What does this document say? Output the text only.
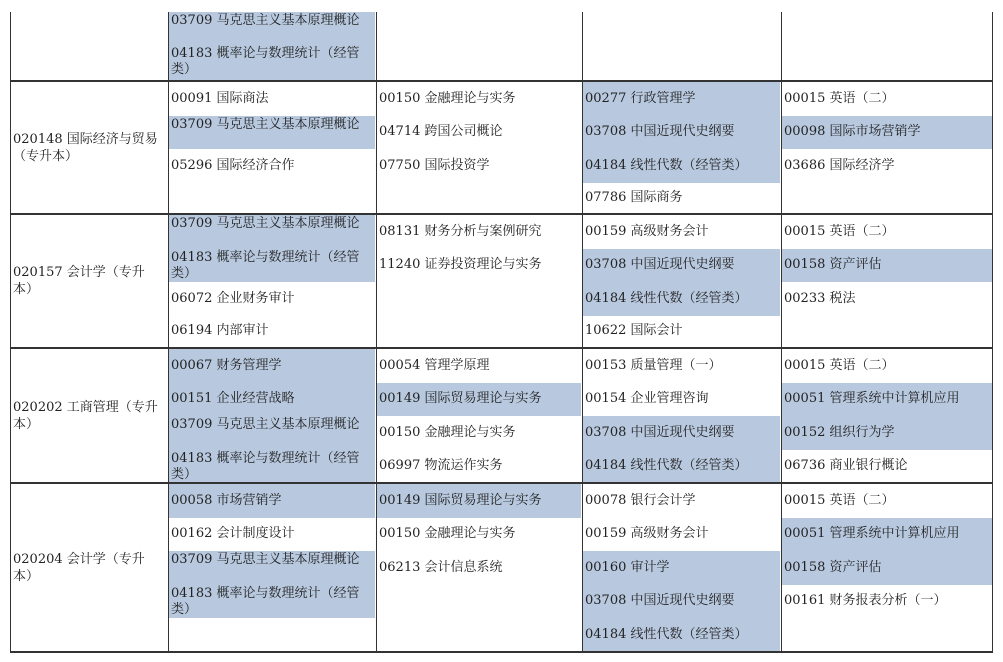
03709 马克思主义基本原理概论
04183 概率论与数理统计（经管类）
020148 国际经济与贸易（专升本）
00091 国际商法
03709 马克思主义基本原理概论
05296 国际经济合作
00150 金融理论与实务
04714 跨国公司概论
07750 国际投资学
00277 行政管理学
03708 中国近现代史纲要
04184 线性代数（经管类）
07786 国际商务
00015 英语（二）
00098 国际市场营销学
03686 国际经济学
020157 会计学（专升本）
03709 马克思主义基本原理概论
04183 概率论与数理统计（经管类）
06072 企业财务审计
06194 内部审计
08131 财务分析与案例研究
11240 证券投资理论与实务
00159 高级财务会计
03708 中国近现代史纲要
04184 线性代数（经管类）
10622 国际会计
00015 英语（二）
00158 资产评估
00233 税法
020202 工商管理（专升本）
00067 财务管理学
00151 企业经营战略
03709 马克思主义基本原理概论
04183 概率论与数理统计（经管类）
00054 管理学原理
00149 国际贸易理论与实务
00150 金融理论与实务
06997 物流运作实务
00153 质量管理（一）
00154 企业管理咨询
03708 中国近现代史纲要
04184 线性代数（经管类）
00015 英语（二）
00051 管理系统中计算机应用
00152 组织行为学
06736 商业银行概论
020204 会计学（专升本）
00058 市场营销学
00162 会计制度设计
03709 马克思主义基本原理概论
04183 概率论与数理统计（经管类）
00149 国际贸易理论与实务
00150 金融理论与实务
06213 会计信息系统
00078 银行会计学
00159 高级财务会计
00160 审计学
03708 中国近现代史纲要
04184 线性代数（经管类）
00015 英语（二）
00051 管理系统中计算机应用
00158 资产评估
00161 财务报表分析（一）
